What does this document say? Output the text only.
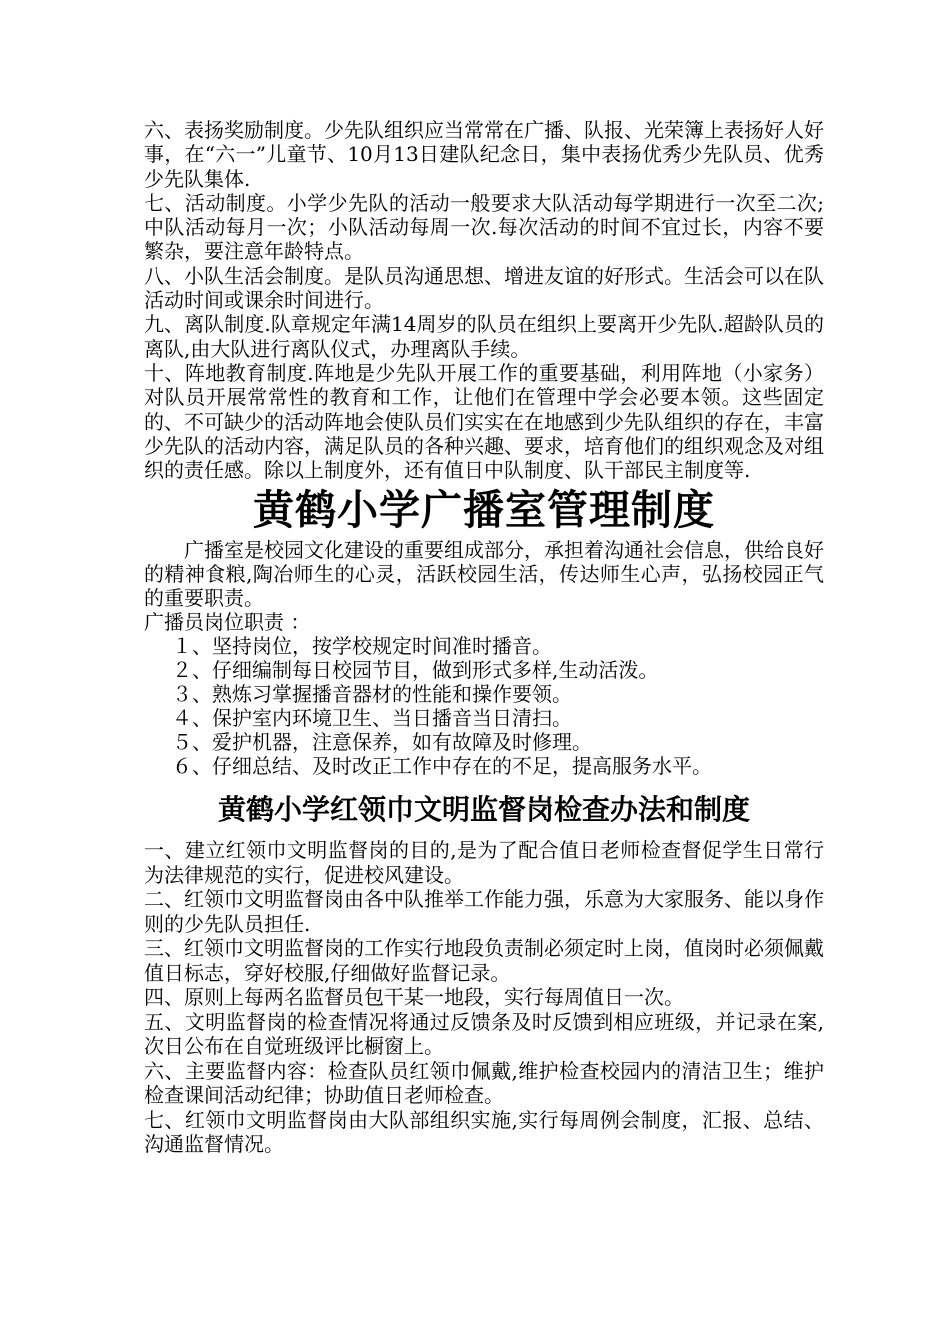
六、表扬奖励制度。少先队组织应当常常在广播、队报、光荣簿上表扬好人好事，在“六一”儿童节、10月13日建队纪念日，集中表扬优秀少先队员、优秀少先队集体.

七、活动制度。小学少先队的活动一般要求大队活动每学期进行一次至二次;中队活动每月一次；小队活动每周一次.每次活动的时间不宜过长，内容不要繁杂，要注意年龄特点。

八、小队生活会制度。是队员沟通思想、增进友谊的好形式。生活会可以在队活动时间或课余时间进行。

九、离队制度.队章规定年满14周岁的队员在组织上要离开少先队.超龄队员的离队,由大队进行离队仪式，办理离队手续。

十、阵地教育制度.阵地是少先队开展工作的重要基础，利用阵地（小家务）对队员开展常常性的教育和工作，让他们在管理中学会必要本领。这些固定的、不可缺少的活动阵地会使队员们实实在在地感到少先队组织的存在，丰富少先队的活动内容，满足队员的各种兴趣、要求，培育他们的组织观念及对组织的责任感。除以上制度外，还有值日中队制度、队干部民主制度等.

黄鹤小学广播室管理制度

广播室是校园文化建设的重要组成部分，承担着沟通社会信息，供给良好的精神食粮,陶冶师生的心灵，活跃校园生活，传达师生心声，弘扬校园正气的重要职责。

广播员岗位职责 ：

１、坚持岗位，按学校规定时间准时播音。

２、仔细编制每日校园节目，做到形式多样,生动活泼。

３、熟炼习掌握播音器材的性能和操作要领。

４、保护室内环境卫生、当日播音当日清扫。

５、爱护机器，注意保养，如有故障及时修理。

６、仔细总结、及时改正工作中存在的不足，提高服务水平。

黄鹤小学红领巾文明监督岗检查办法和制度

一、建立红领巾文明监督岗的目的,是为了配合值日老师检查督促学生日常行为法律规范的实行，促进校风建设。

二、红领巾文明监督岗由各中队推举工作能力强，乐意为大家服务、能以身作则的少先队员担任.

三、红领巾文明监督岗的工作实行地段负责制必须定时上岗，值岗时必须佩戴值日标志，穿好校服,仔细做好监督记录。

四、原则上每两名监督员包干某一地段，实行每周值日一次。

五、文明监督岗的检查情况将通过反馈条及时反馈到相应班级，并记录在案,次日公布在自觉班级评比橱窗上。

六、主要监督内容：检查队员红领巾佩戴,维护检查校园内的清洁卫生；维护检查课间活动纪律；协助值日老师检查。

七、红领巾文明监督岗由大队部组织实施,实行每周例会制度，汇报、总结、沟通监督情况。
